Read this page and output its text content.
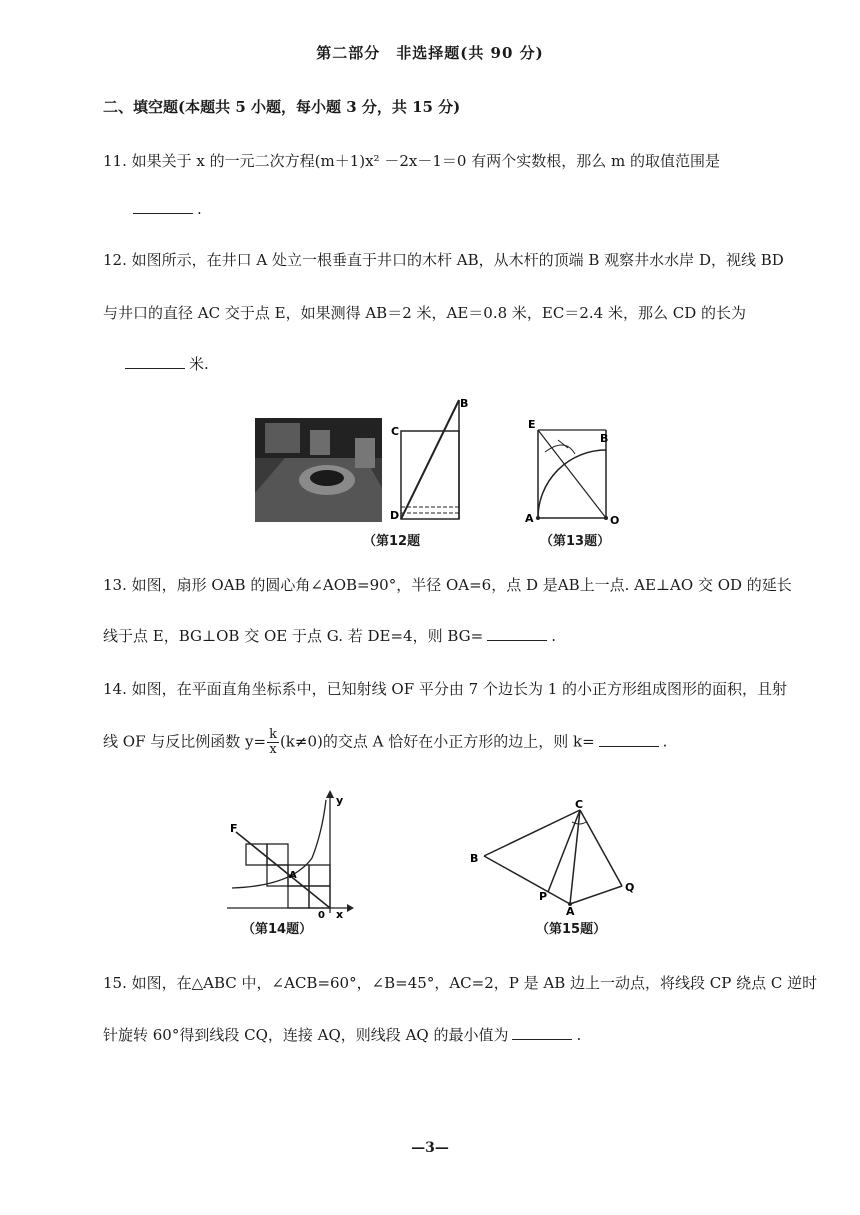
第二部分　非选择题(共 90 分)
二、填空题(本题共 5 小题，每小题 3 分，共 15 分)
11. 如果关于 x 的一元二次方程(m＋1)x² －2x－1＝0 有两个实数根，那么 m 的取值范围是
.
12. 如图所示，在井口 A 处立一根垂直于井口的木杆 AB，从木杆的顶端 B 观察井水水岸 D，视线 BD
与井口的直径 AC 交于点 E，如果测得 AB＝2 米，AE＝0.8 米，EC＝2.4 米，那么 CD 的长为
米.
B
C
D
（第12题
E
B
A	O
（第13题）
13. 如图，扇形 OAB 的圆心角∠AOB=90°，半径 OA=6，点 D 是AB上一点. AE⊥AO 交 OD 的延长
线于点 E，BG⊥OB 交 OE 于点 G. 若 DE=4，则 BG=	.
14. 如图，在平面直角坐标系中，已知射线 OF 平分由 7 个边长为 1 的小正方形组成图形的面积，且射
线 OF 与反比例函数 $y= \frac{k}{x} (k\ne 0)$的交点 A 恰好在小正方形的边上，则 k=	.
F
y
A
0 x
（第14题）
C
B
P
A
Q
（第15题）
15. 如图，在△ABC 中，∠ACB=60°，∠B=45°，AC=2，P 是 AB 边上一动点，将线段 CP 绕点 C 逆时
针旋转 60°得到线段 CQ，连接 AQ，则线段 AQ 的最小值为	.
—3—
